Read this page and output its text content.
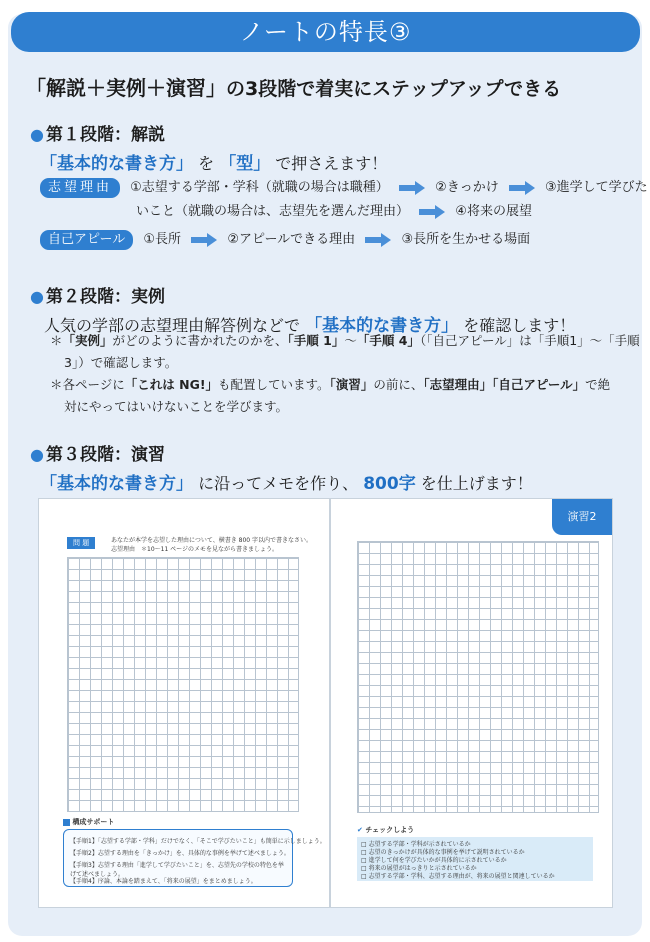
ノートの特長③
「解説＋実例＋演習」の3段階で着実にステップアップできる
● 第１段階：解説
「基本的な書き方」 を 「型」 で押さえます！
志望理由 ①志望する学部・学科（就職の場合は職種）	②きっかけ	③進学して学びた
いこと（就職の場合は、志望先を選んだ理由）	④将来の展望
自己アピール ①長所	②アピールできる理由	③長所を生かせる場面
● 第２段階：実例
人気の学部の志望理由解答例などで 「基本的な書き方」 を確認します！
＊「実例」がどのように書かれたのかを、「手順 1」～「手順 4」（「自己アピール」は「手順1」～「手順
3」）で確認します。
＊各ページに「これは NG!」も配置しています。「演習」の前に、「志望理由」「自己アピール」で絶
対にやってはいけないことを学びます。
● 第３段階：演習
「基本的な書き方」 に沿ってメモを作り、 800字 を仕上げます！
問 題	あなたが本学を志望した理由について、横書き 800 字以内で書きなさい。
志望理由　＊10～11 ページのメモを見ながら書きましょう。
構成サポート
【手順1】「志望する学部・学科」だけでなく、「そこで学びたいこと」も簡単に示しましょう。
【手順2】志望する理由を「きっかけ」を、具体的な事例を挙げて述べましょう。
【手順3】志望する理由「進学して学びたいこと」を、志望先の学校の特色を挙げて述べましょう。
【手順4】序論、本論を踏まえて、「将来の展望」をまとめましょう。
演習2
✔ チェックしよう
□ 志望する学部・学科が示されているか
□ 志望のきっかけが具体的な事例を挙げて説明されているか
□ 進学して何を学びたいかが具体的に示されているか
□ 将来の展望がはっきりと示されているか
□ 志望する学部・学科、志望する理由が、将来の展望と関連しているか
